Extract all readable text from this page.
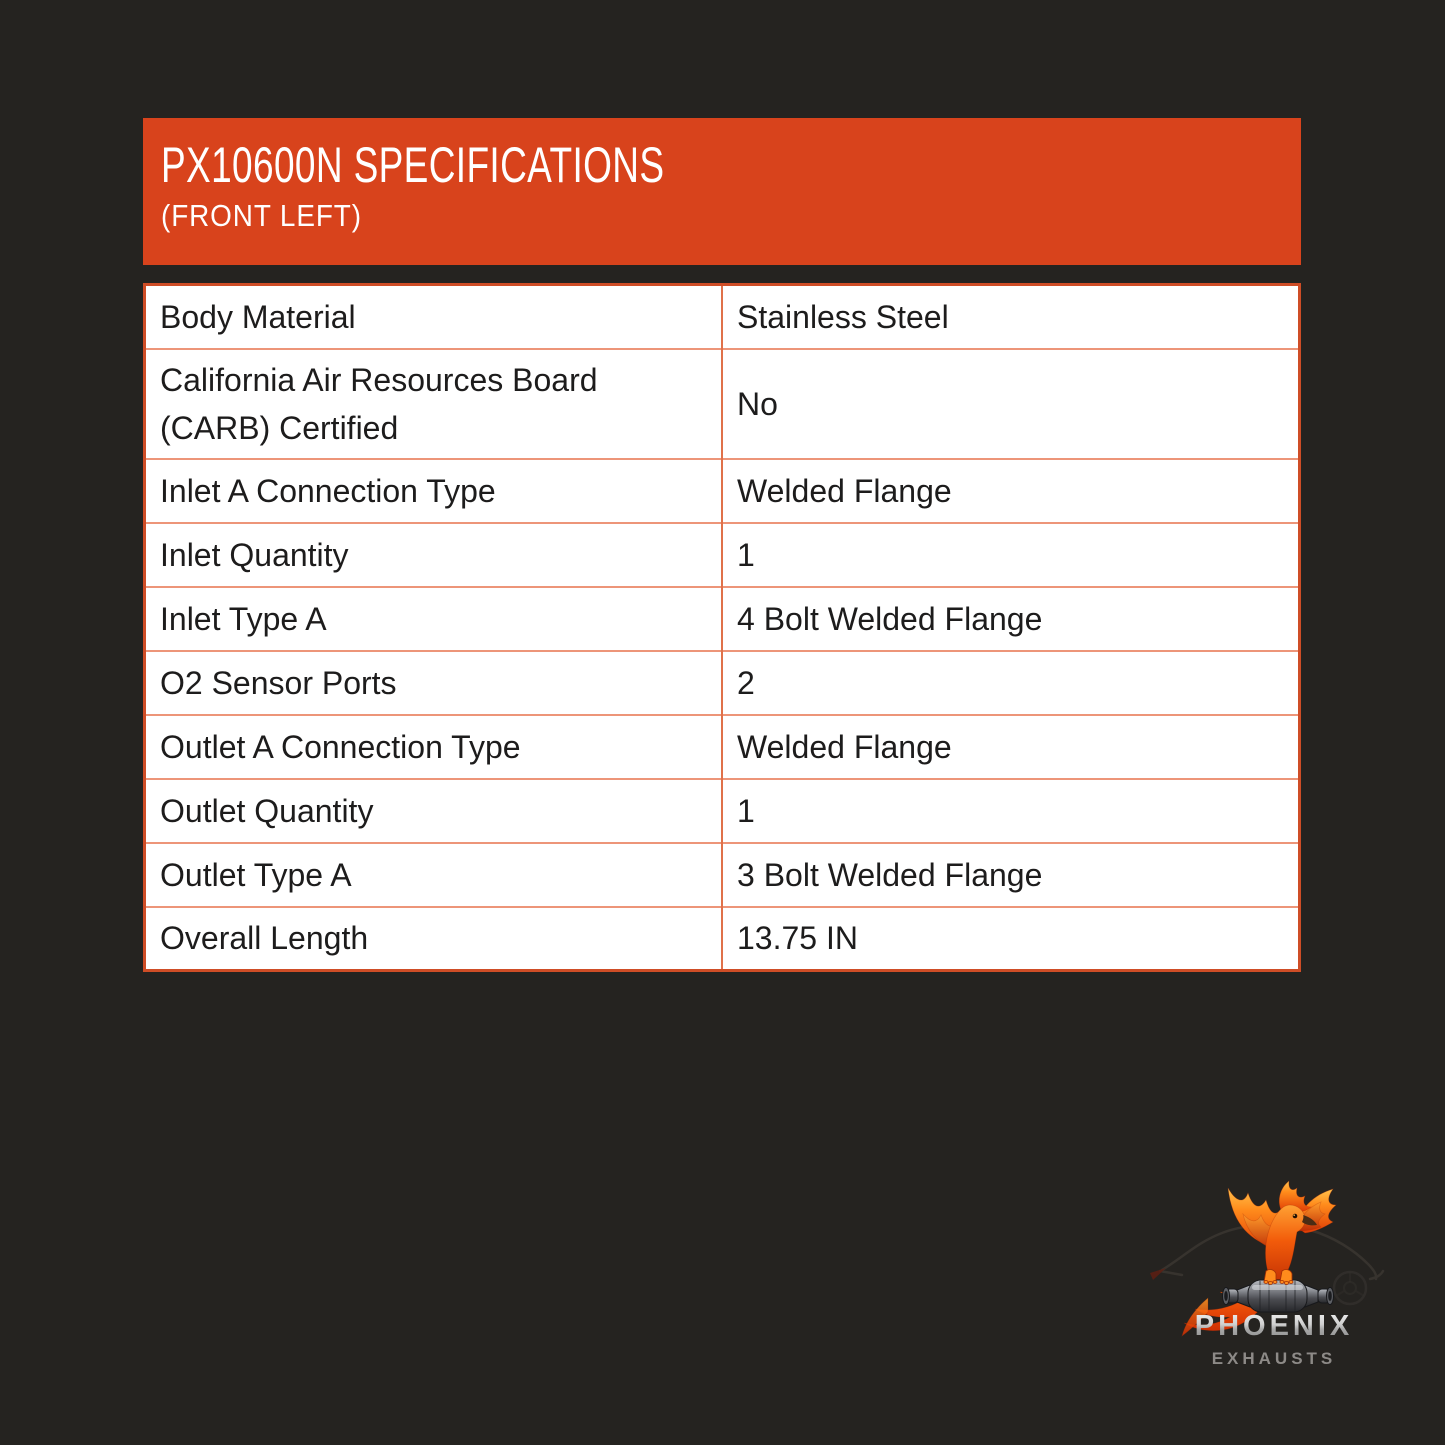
PX10600N SPECIFICATIONS
(FRONT LEFT)
Body Material	Stainless Steel
California Air Resources Board (CARB) Certified	No
Inlet A Connection Type	Welded Flange
Inlet Quantity	1
Inlet Type A	4 Bolt Welded Flange
O2 Sensor Ports	2
Outlet A Connection Type	Welded Flange
Outlet Quantity	1
Outlet Type A	3 Bolt Welded Flange
Overall Length	13.75 IN
PHOENIX
EXHAUSTS
